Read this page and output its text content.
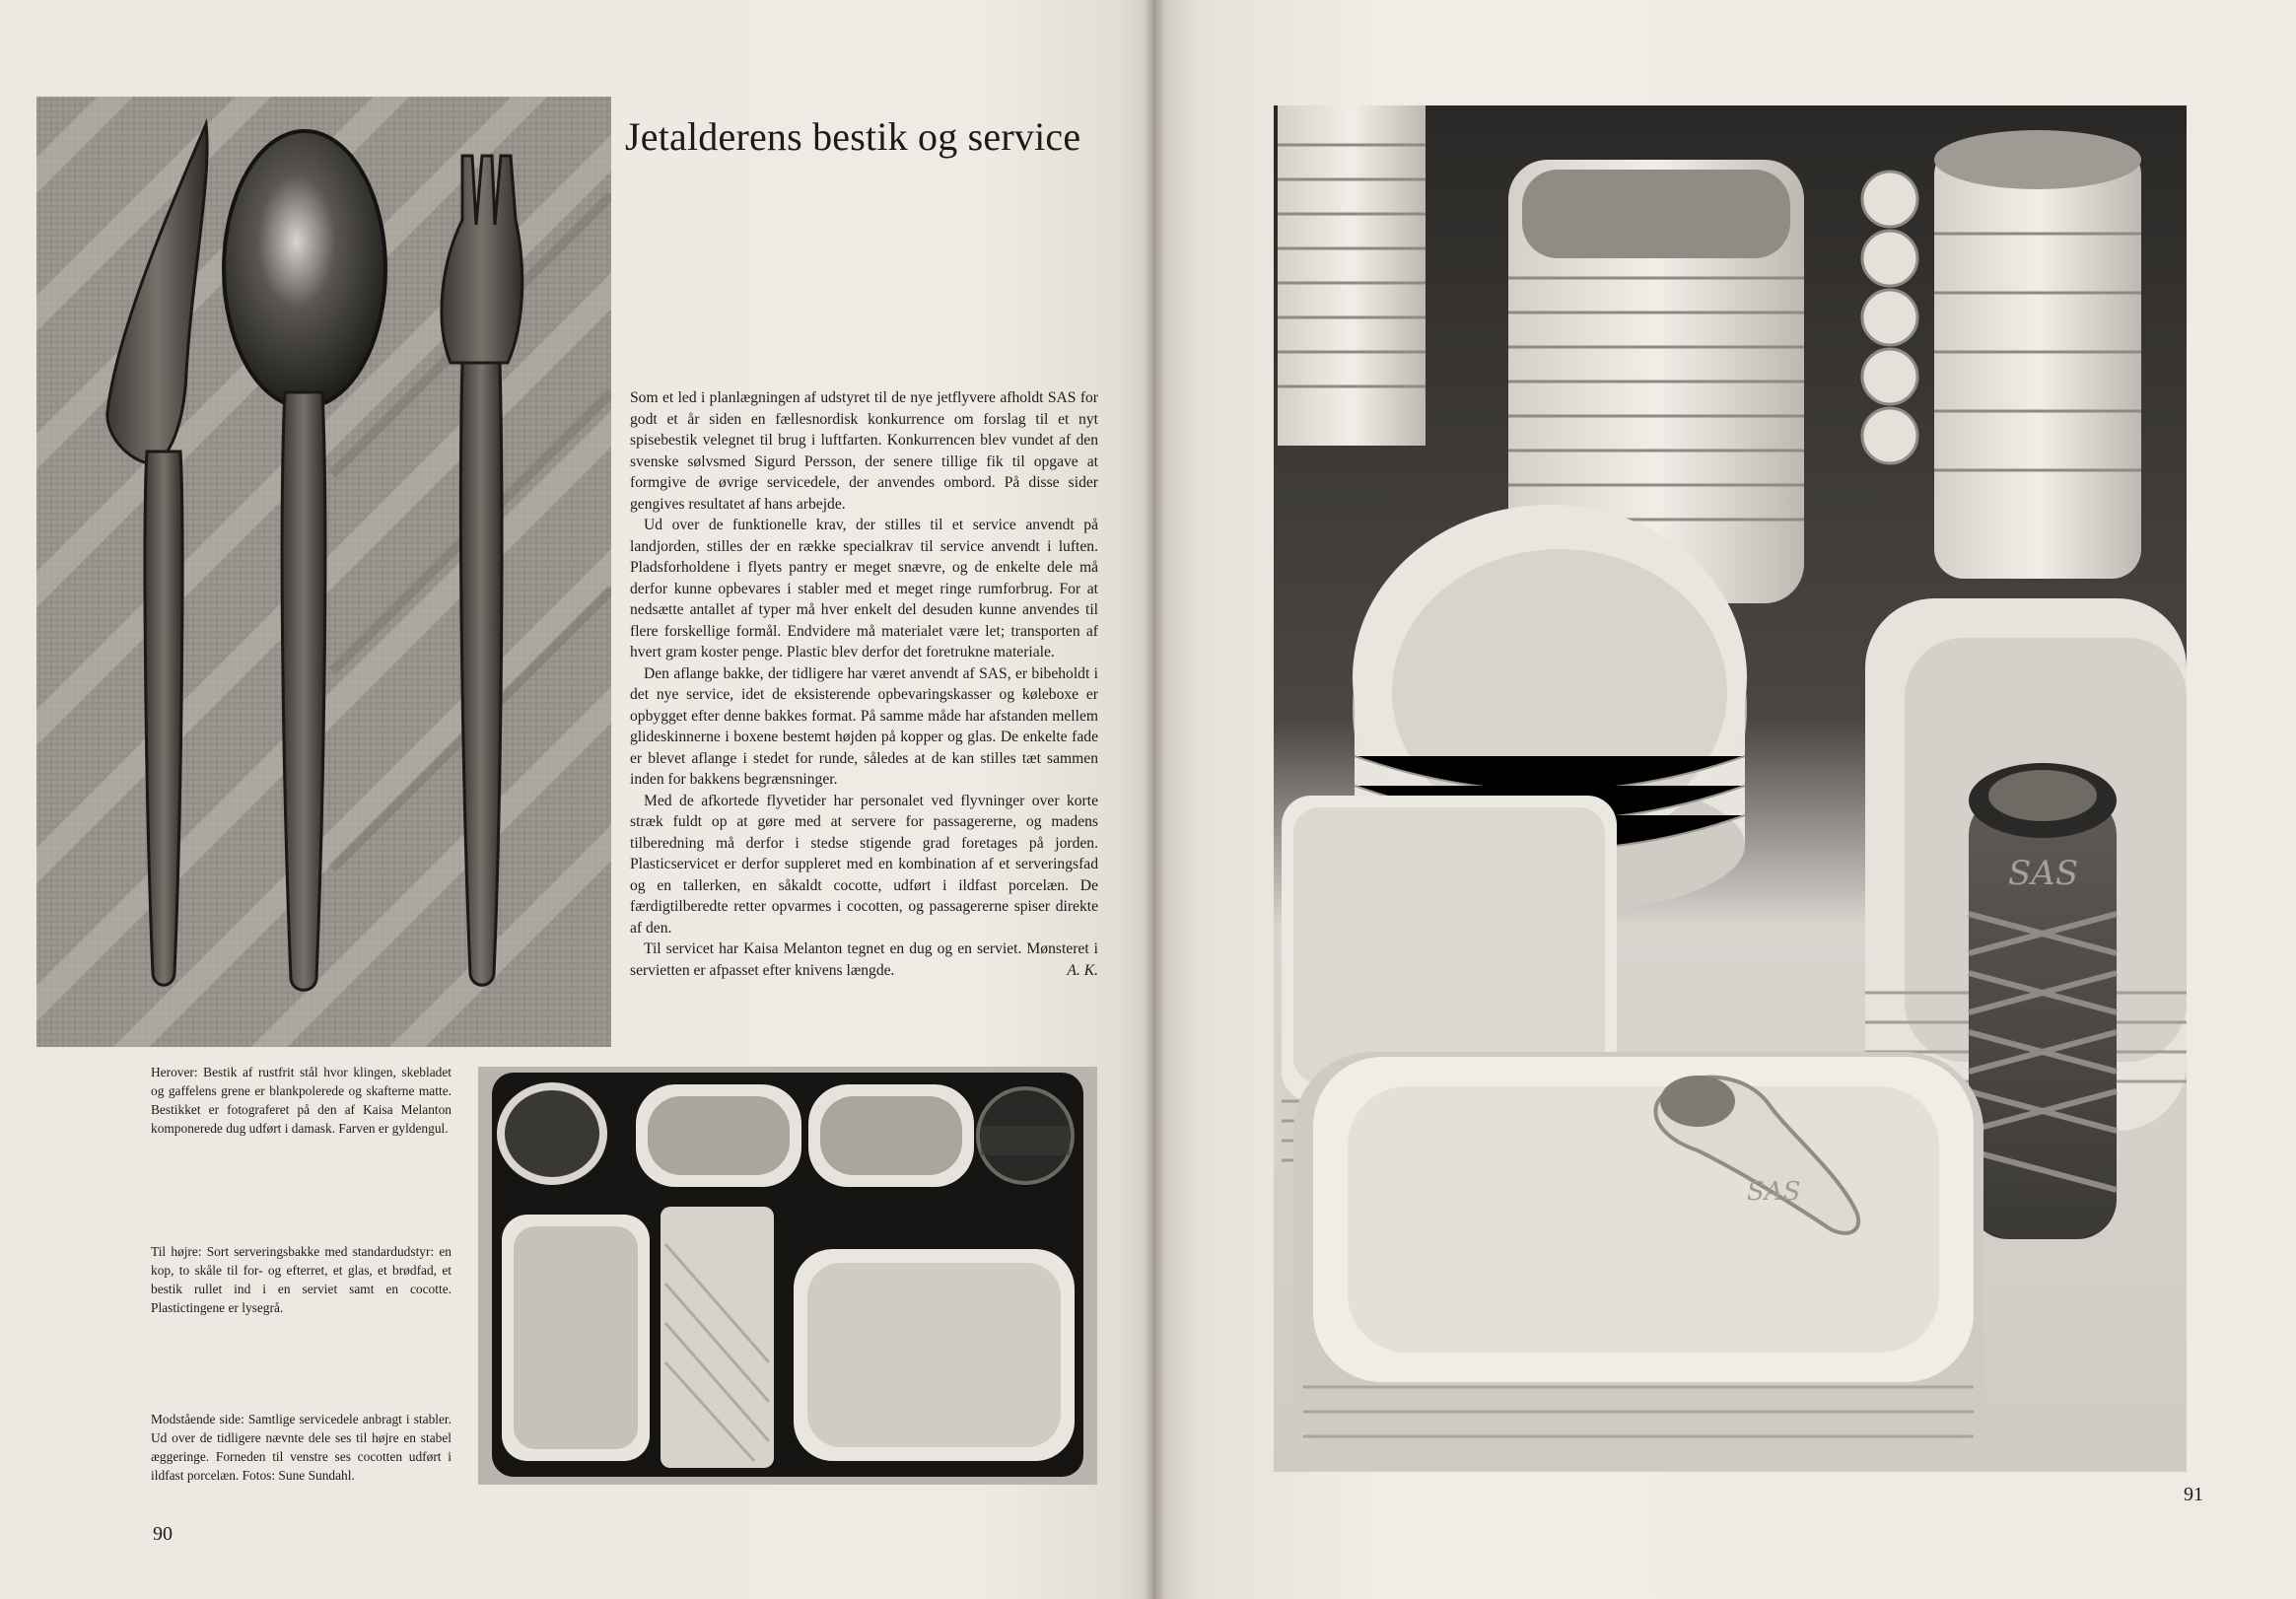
Jetalderens bestik og service

Som et led i planlægningen af udstyret til de nye jetflyvere afholdt SAS for godt et år siden en fællesnordisk konkurrence om forslag til et nyt spisebestik velegnet til brug i luftfarten. Konkurrencen blev vundet af den svenske sølvsmed Sigurd Persson, der senere tillige fik til opgave at formgive de øvrige servicedele, der anvendes ombord. På disse sider gengives resultatet af hans arbejde.

Ud over de funktionelle krav, der stilles til et service anvendt på landjorden, stilles der en række specialkrav til service anvendt i luften. Pladsforholdene i flyets pantry er meget snævre, og de enkelte dele må derfor kunne opbevares i stabler med et meget ringe rumforbrug. For at nedsætte antallet af typer må hver enkelt del desuden kunne anvendes til flere forskellige formål. Endvidere må materialet være let; transporten af hvert gram koster penge. Plastic blev derfor det foretrukne materiale.

Den aflange bakke, der tidligere har været anvendt af SAS, er bibeholdt i det nye service, idet de eksisterende opbevaringskasser og køleboxe er opbygget efter denne bakkes format. På samme måde har afstanden mellem glideskinnerne i boxene bestemt højden på kopper og glas. De enkelte fade er blevet aflange i stedet for runde, således at de kan stilles tæt sammen inden for bakkens begrænsninger.

Med de afkortede flyvetider har personalet ved flyvninger over korte stræk fuldt op at gøre med at servere for passagererne, og madens tilberedning må derfor i stedse stigende grad foretages på jorden. Plasticservicet er derfor suppleret med en kombination af et serveringsfad og en tallerken, en såkaldt cocotte, udført i ildfast porcelæn. De færdigtilberedte retter opvarmes i cocotten, og passagererne spiser direkte af den.

Til servicet har Kaisa Melanton tegnet en dug og en serviet. Mønsteret i servietten er afpasset efter knivens længde.	A. K.

Herover: Bestik af rustfrit stål hvor klingen, skebladet og gaffelens grene er blankpolerede og skafterne matte. Bestikket er fotograferet på den af Kaisa Melanton komponerede dug udført i damask. Farven er gyldengul.
Til højre: Sort serveringsbakke med standardudstyr: en kop, to skåle til for- og efterret, et glas, et brødfad, et bestik rullet ind i en serviet samt en cocotte. Plastictingene er lysegrå.
Modstående side: Samtlige servicedele anbragt i stabler. Ud over de tidligere nævnte dele ses til højre en stabel æggeringe. Forneden til venstre ses cocotten udført i ildfast porcelæn. Fotos: Sune Sundahl.
90
SAS
SAS
91
